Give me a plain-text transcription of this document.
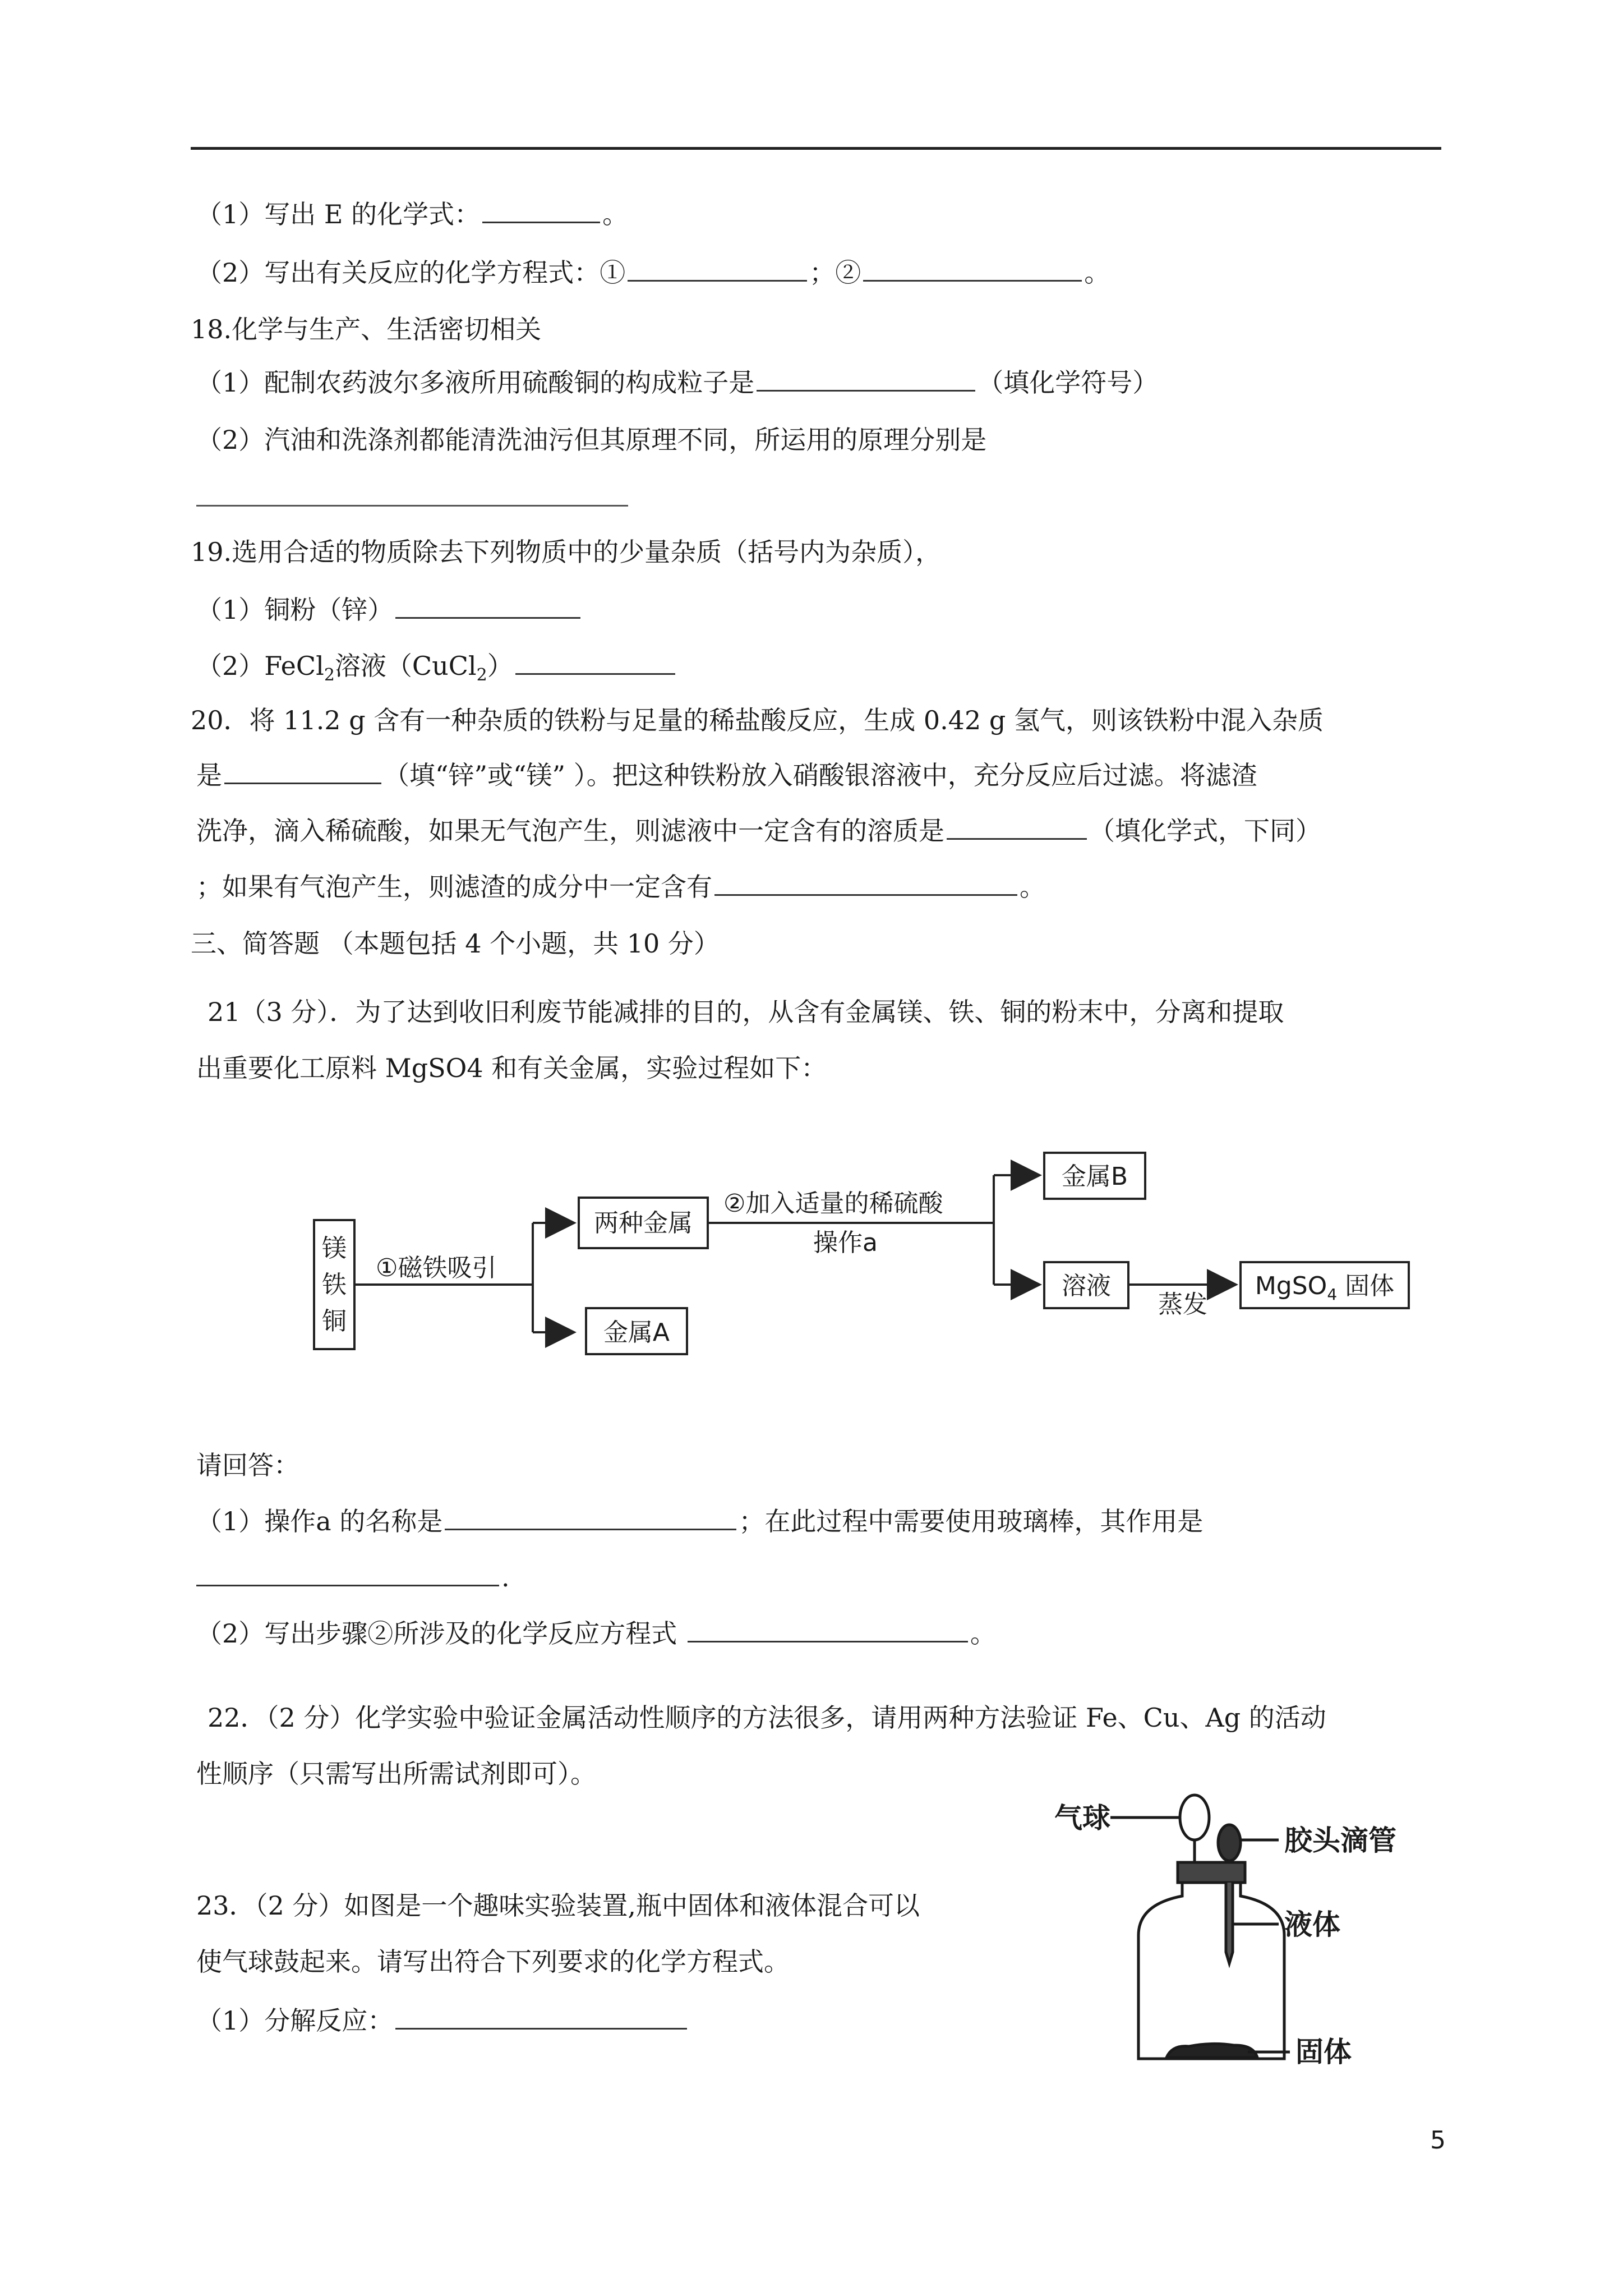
（1）写出 E 的化学式：	。
（2）写出有关反应的化学方程式：①	；②	。
18.化学与生产、生活密切相关
（1）配制农药波尔多液所用硫酸铜的构成粒子是	（填化学符号）
（2）汽油和洗涤剂都能清洗油污但其原理不同，所运用的原理分别是
19.选用合适的物质除去下列物质中的少量杂质（括号内为杂质），
（1）铜粉（锌）
（2）FeCl$_2$溶液（CuCl$_2$）
20．将 11.2 g 含有一种杂质的铁粉与足量的稀盐酸反应，生成 0.42 g 氢气，则该铁粉中混入杂质
是	（填“锌”或“镁” ）。把这种铁粉放入硝酸银溶液中，充分反应后过滤。将滤渣
洗净，滴入稀硫酸，如果无气泡产生，则滤液中一定含有的溶质是	（填化学式，下同）
；如果有气泡产生，则滤渣的成分中一定含有	。
三、简答题 （本题包括 4 个小题，共 10 分）
21（3 分）．为了达到收旧利废节能减排的目的，从含有金属镁、铁、铜的粉末中，分离和提取
出重要化工原料 MgSO4 和有关金属，实验过程如下：
镁
铁
铜
①磁铁吸引
两种金属
金属A
②加入适量的稀硫酸
操作a
金属B
溶液
蒸发
MgSO$_4$ 固体
请回答：
（1）操作a 的名称是	；在此过程中需要使用玻璃棒，其作用是
.
（2）写出步骤②所涉及的化学反应方程式	。
22．（2 分）化学实验中验证金属活动性顺序的方法很多，请用两种方法验证 Fe、Cu、Ag 的活动
性顺序（只需写出所需试剂即可）。
23．（2 分）如图是一个趣味实验装置,瓶中固体和液体混合可以
使气球鼓起来。请写出符合下列要求的化学方程式。
（1）分解反应：
气球
胶头滴管
液体
固体
5
